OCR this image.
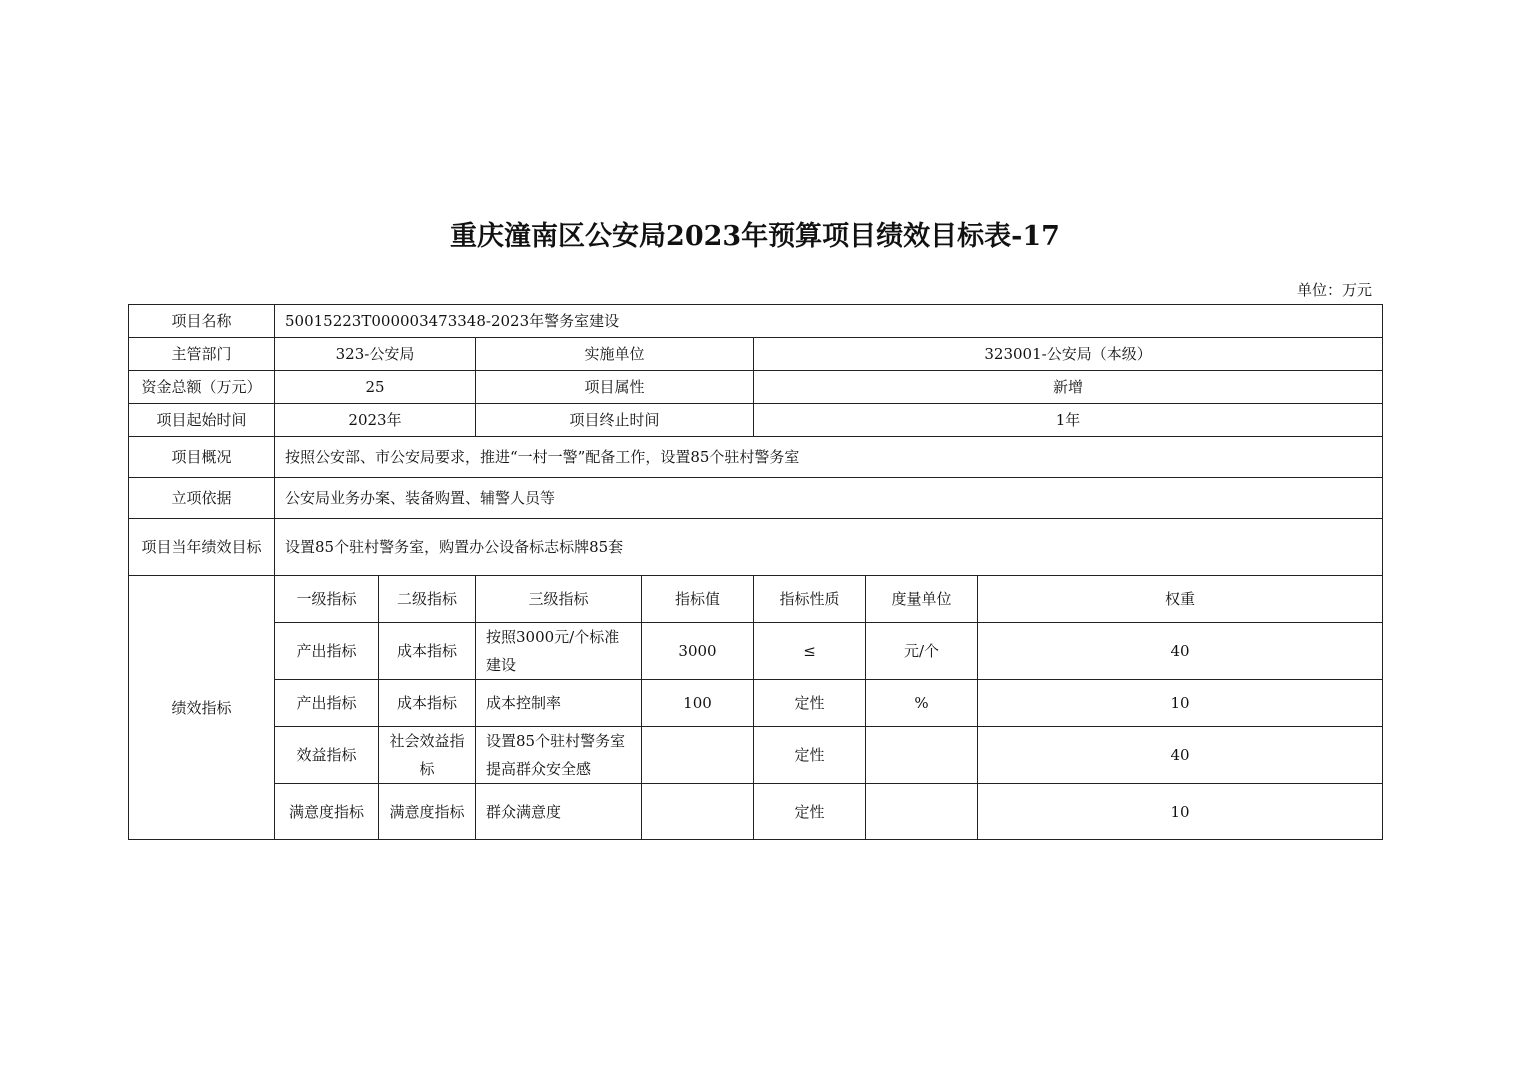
重庆潼南区公安局2023年预算项目绩效目标表-17
单位：万元
项目名称	50015223T000003473348-2023年警务室建设						
主管部门	323-公安局		实施单位		323001-公安局（本级）		
资金总额（万元）	25		项目属性		新增		
项目起始时间	2023年		项目终止时间		1年		
项目概况	按照公安部、市公安局要求，推进“一村一警”配备工作，设置85个驻村警务室						
立项依据	公安局业务办案、装备购置、辅警人员等						
项目当年绩效目标	设置85个驻村警务室，购置办公设备标志标牌85套						
绩效指标	一级指标	二级指标	三级指标	指标值	指标性质	度量单位	权重
	产出指标	成本指标	按照3000元/个标准建设	3000	≤	元/个	40
	产出指标	成本指标	成本控制率	100	定性	%	10
	效益指标	社会效益指标	设置85个驻村警务室提高群众安全感		定性		40
	满意度指标	满意度指标	群众满意度		定性		10
